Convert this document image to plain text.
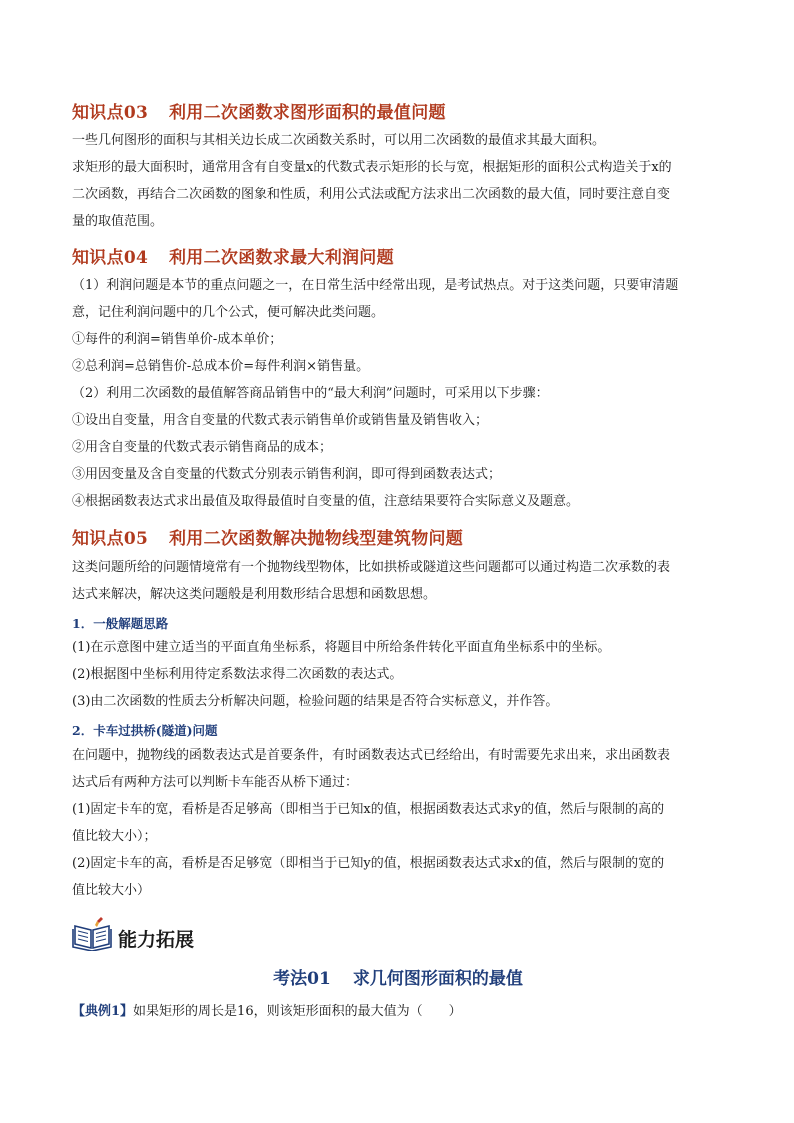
知识点03 利用二次函数求图形面积的最值问题
一些几何图形的面积与其相关边长成二次函数关系时，可以用二次函数的最值求其最大面积。
求矩形的最大面积时，通常用含有自变量x的代数式表示矩形的长与宽，根据矩形的面积公式构造关于x的
二次函数，再结合二次函数的图象和性质，利用公式法或配方法求出二次函数的最大值，同时要注意自变
量的取值范围。
知识点04 利用二次函数求最大利润问题
（1）利润问题是本节的重点问题之一，在日常生活中经常出现，是考试热点。对于这类问题，只要审清题
意，记住利润问题中的几个公式，便可解决此类问题。
①每件的利润=销售单价-成本单价；
②总利润=总销售价-总成本价=每件利润×销售量。
（2）利用二次函数的最值解答商品销售中的“最大利润”问题时，可采用以下步骤：
①设出自变量，用含自变量的代数式表示销售单价或销售量及销售收入；
②用含自变量的代数式表示销售商品的成本；
③用因变量及含自变量的代数式分别表示销售利润，即可得到函数表达式；
④根据函数表达式求出最值及取得最值时自变量的值，注意结果要符合实际意义及题意。
知识点05 利用二次函数解决抛物线型建筑物问题
这类问题所给的问题情境常有一个抛物线型物体，比如拱桥或隧道这些问题都可以通过构造二次承数的表
达式来解决，解决这类问题般是利用数形结合思想和函数思想。
1．一般解题思路
(1)在示意图中建立适当的平面直角坐标系，将题目中所给条件转化平面直角坐标系中的坐标。
(2)根据图中坐标利用待定系数法求得二次函数的表达式。
(3)由二次函数的性质去分析解决问题，检验问题的结果是否符合实标意义，并作答。
2．卡车过拱桥(隧道)问题
在问题中，抛物线的函数表达式是首要条件，有时函数表达式已经给出，有时需要先求出来，求出函数表
达式后有两种方法可以判断卡车能否从桥下通过：
(1)固定卡车的宽，看桥是否足够高（即相当于已知x的值，根据函数表达式求y的值，然后与限制的高的
值比较大小）；
(2)固定卡车的高，看桥是否足够宽（即相当于已知y的值，根据函数表达式求x的值，然后与限制的宽的
值比较大小）
能力拓展
考法01 求几何图形面积的最值
【典例1】如果矩形的周长是16，则该矩形面积的最大值为（　　）
